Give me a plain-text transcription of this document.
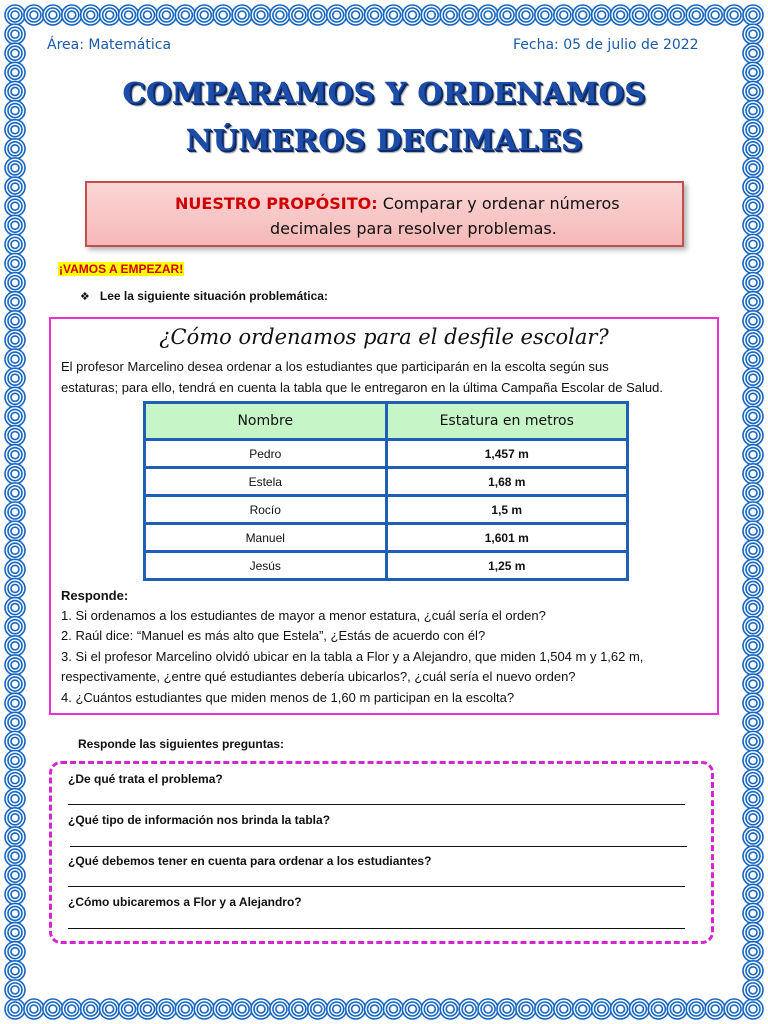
Área: Matemática	Fecha: 05 de julio de 2022
COMPARAMOS Y ORDENAMOS
NÚMEROS DECIMALES
NUESTRO PROPÓSITO: Comparar y ordenar números
decimales para resolver problemas.
¡VAMOS A EMPEZAR!
❖ Lee la siguiente situación problemática:
¿Cómo ordenamos para el desfile escolar?
El profesor Marcelino desea ordenar a los estudiantes que participarán en la escolta según sus
estaturas; para ello, tendrá en cuenta la tabla que le entregaron en la última Campaña Escolar de Salud.
Nombre	Estatura en metros
Pedro	1,457 m
Estela	1,68 m
Rocío	1,5 m
Manuel	1,601 m
Jesús	1,25 m
Responde:
1. Si ordenamos a los estudiantes de mayor a menor estatura, ¿cuál sería el orden?
2. Raúl dice: “Manuel es más alto que Estela”, ¿Estás de acuerdo con él?
3. Si el profesor Marcelino olvidó ubicar en la tabla a Flor y a Alejandro, que miden 1,504 m y 1,62 m,
respectivamente, ¿entre qué estudiantes debería ubicarlos?, ¿cuál sería el nuevo orden?
4. ¿Cuántos estudiantes que miden menos de 1,60 m participan en la escolta?
Responde las siguientes preguntas:
¿De qué trata el problema?
¿Qué tipo de información nos brinda la tabla?
¿Qué debemos tener en cuenta para ordenar a los estudiantes?
¿Cómo ubicaremos a Flor y a Alejandro?
